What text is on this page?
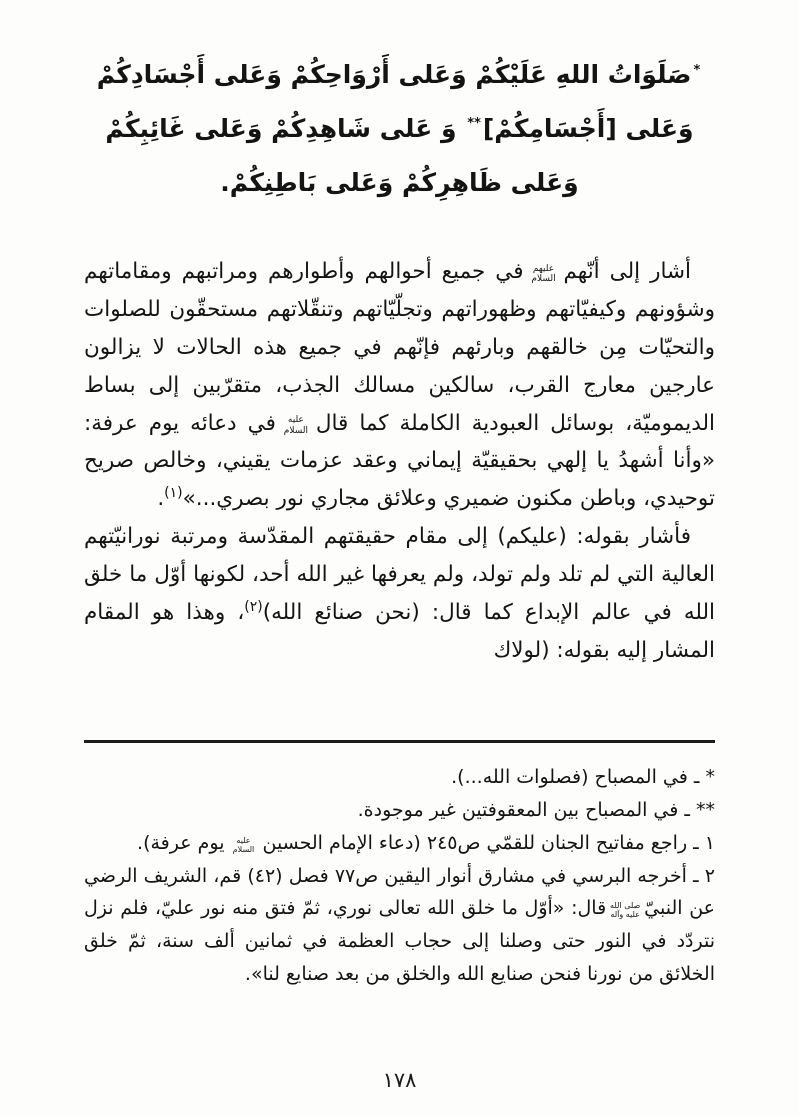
*صَلَوَاتُ اللهِ عَلَيْكُمْ وَعَلى أَرْوَاحِكُمْ وَعَلى أَجْسَادِكُمْ وَعَلى [أَجْسَامِكُمْ]** وَ عَلى شَاهِدِكُمْ وَعَلى غَائِبِكُمْ وَعَلى ظَاهِرِكُمْ وَعَلى بَاطِنِكُمْ.

أشار إلى أنّهمعليهم السلامفي جميع أحوالهم وأطوارهم ومراتبهم ومقاماتهم وشؤونهم وكيفيّاتهم وظهوراتهم وتجلّيّاتهم وتنقّلاتهم مستحقّون للصلوات والتحيّات مِن خالقهم وبارئهم فإنّهم في جميع هذه الحالات لا يزالون عارجين معارج القرب، سالكين مسالك الجذب، متقرّبين إلى بساط الديموميّة، بوسائل العبودية الكاملة كما قالعليه السلامفي دعائه يوم عرفة: «وأنا أشهدُ يا إلهي بحقيقيّة إيماني وعقد عزمات يقيني، وخالص صريح توحيدي، وباطن مكنون ضميري وعلائق مجاري نور بصري...»$^{(١)}$.

فأشار بقوله: (عليكم) إلى مقام حقيقتهم المقدّسة ومرتبة نورانيّتهم العالية التي لم تلد ولم تولد، ولم يعرفها غير الله أحد، لكونها أوّل ما خلق الله في عالم الإبداع كما قال: (نحن صنائع الله)$^{(٢)}$، وهذا هو المقام المشار إليه بقوله: (لولاك

* ـ في المصباح (فصلوات الله...).

** ـ في المصباح بين المعقوفتين غير موجودة.

١ ـ راجع مفاتيح الجنان للقمّي ص٢٤٥ (دعاء الإمام الحسينعليه السلاميوم عرفة).

٢ ـ أخرجه البرسي في مشارق أنوار اليقين ص٧٧ فصل (٤٢) قم، الشريف الرضي عن النبيّصلى الله عليه وآلهقال: «أوّل ما خلق الله تعالى نوري، ثمّ فتق منه نور عليّ، فلم نزل نتردّد في النور حتى وصلنا إلى حجاب العظمة في ثمانين ألف سنة، ثمّ خلق الخلائق من نورنا فنحن صنايع الله والخلق من بعد صنايع لنا».

١٧٨
